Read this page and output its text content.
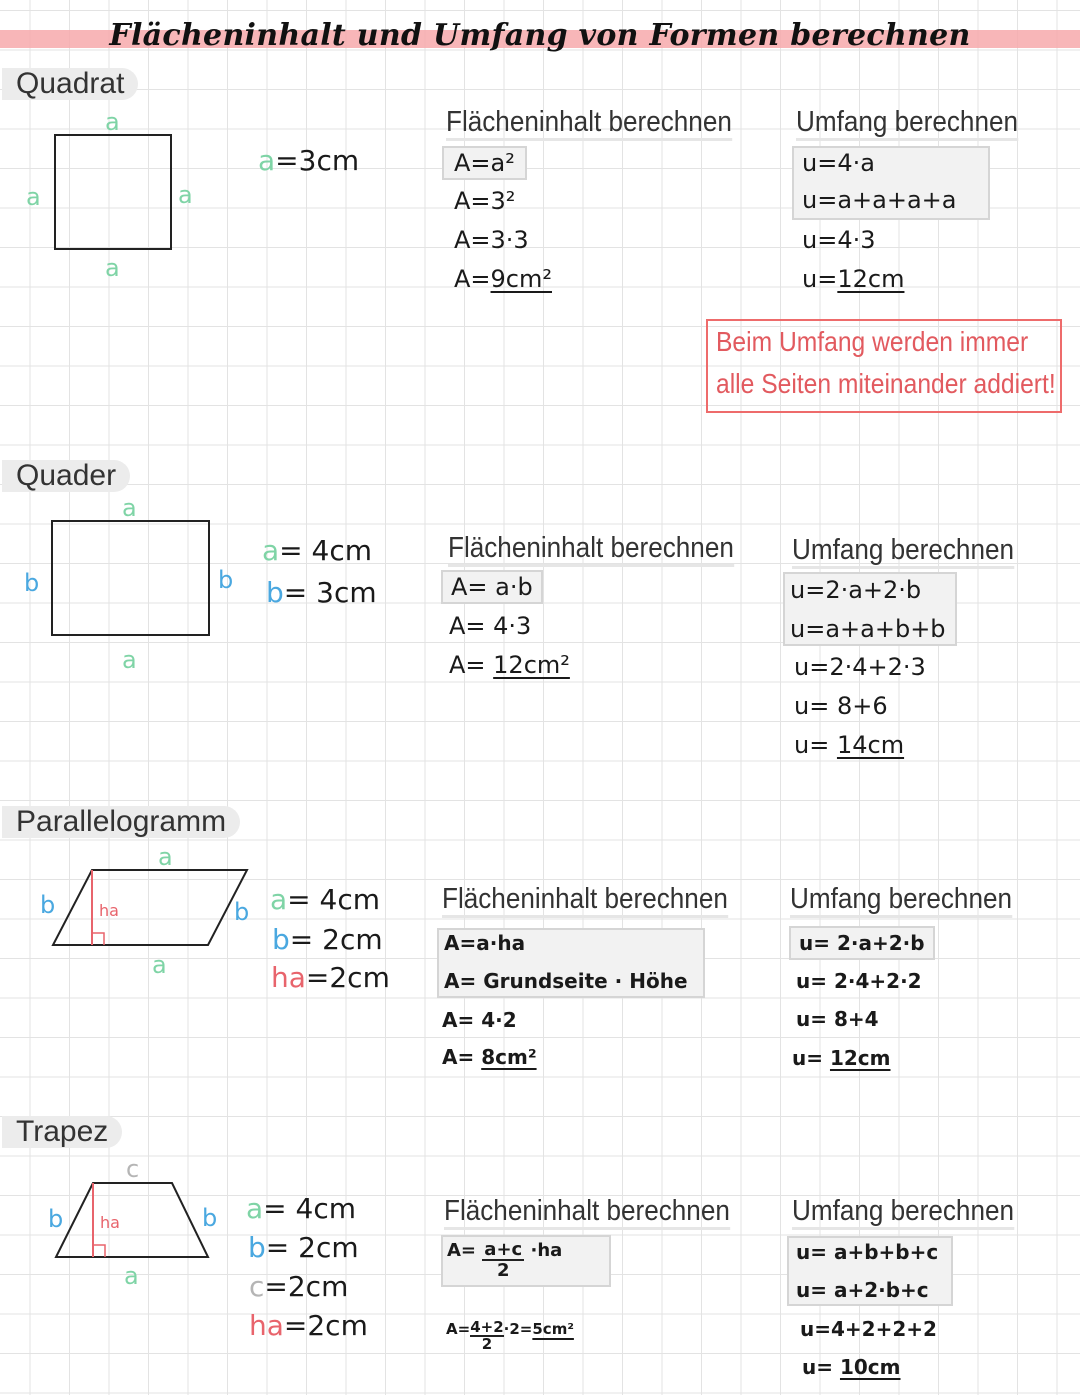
Flächeninhalt und Umfang von Formen berechnen
Quadrat
a
a	a
a
a=3cm
Flächeninhalt berechnen
A=a²
A=3²
A=3·3
A=9cm²
Umfang berechnen
u=4·a
u=a+a+a+a
u=4·3
u=12cm
Beim Umfang werden immer
alle Seiten miteinander addiert!
Quader
a
b	b
a
a= 4cm
b= 3cm
Flächeninhalt berechnen
A= a·b
A= 4·3
A= 12cm²
Umfang berechnen
u=2·a+2·b
u=a+a+b+b
u=2·4+2·3
u= 8+6
u= 14cm
Parallelogramm
a
b	b
a
ha	a= 4cm
b= 2cm
ha=2cm
Flächeninhalt berechnen
A=a·ha
A= Grundseite · Höhe
A= 4·2
A= 8cm²
Umfang berechnen
u= 2·a+2·b
u= 2·4+2·2
u= 8+4
u= 12cm
Trapez
c
b	b
a
ha	a= 4cm
b= 2cm
c=2cm
ha=2cm
Flächeninhalt berechnen
$A= \frac{a+c}{2} \cdot ha$
$A= \frac{4+2}{2} \cdot 2=5cm^2$
Umfang berechnen
u= a+b+b+c
u= a+2·b+c
u=4+2+2+2
u= 10cm
